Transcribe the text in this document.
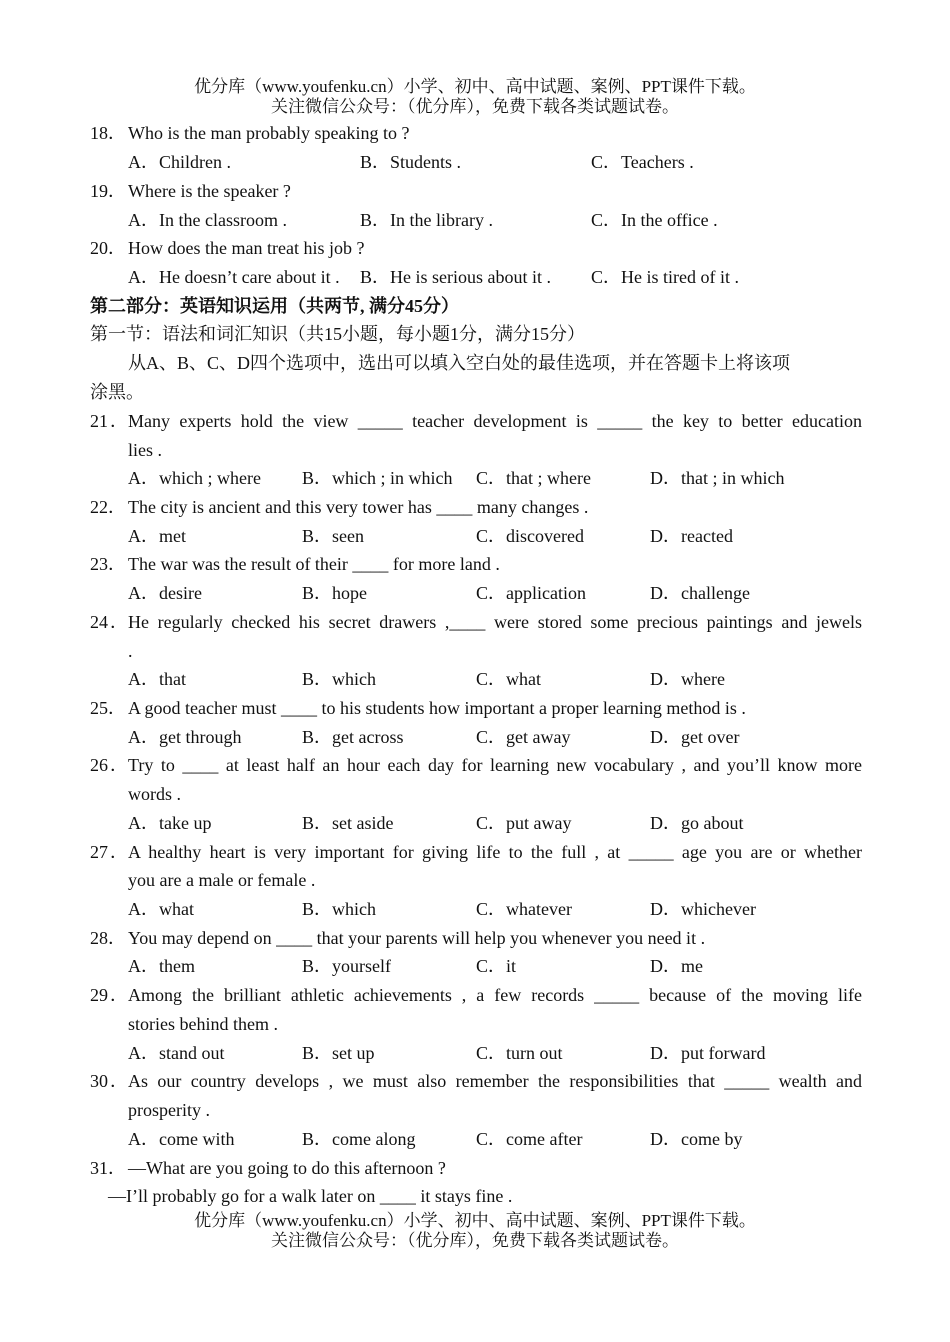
优分库（www.youfenku.cn）小学、初中、高中试题、案例、PPT课件下载。
关注微信公众号：（优分库），免费下载各类试题试卷。
18． Who is the man probably speaking to ?
A．Children .	B．Students .	C．Teachers .
19． Where is the speaker ?
A．In the classroom .	B．In the library .	C．In the office .
20． How does the man treat his job ?
A．He doesn’t care about it . B．He is serious about it . C．He is tired of it .
第二部分：英语知识运用（共两节, 满分45分）
第一节：语法和词汇知识（共15小题，每小题1分，满分15分）
从A、B、C、D四个选项中，选出可以填入空白处的最佳选项，并在答题卡上将该项
涂黑。
21．Many experts hold the view _____ teacher development is _____ the key to better education
lies .
A．which ; where B．which ; in which C．that ; where	D．that ; in which
22． The city is ancient and this very tower has ____ many changes .
A．met	B．seen	C．discovered	D．reacted
23． The war was the result of their ____ for more land .
A．desire	B．hope	C．application	D．challenge
24．He regularly checked his secret drawers ,____ were stored some precious paintings and jewels
.
A．that	B．which	C．what	D．where
25． A good teacher must ____ to his students how important a proper learning method is .
A．get through	B．get across	C．get away	D．get over
26．Try to ____ at least half an hour each day for learning new vocabulary , and you’ll know more
words .
A．take up	B．set aside	C．put away	D．go about
27．A healthy heart is very important for giving life to the full , at _____ age you are or whether
you are a male or female .
A．what	B．which	C．whatever	D．whichever
28． You may depend on ____ that your parents will help you whenever you need it .
A．them	B．yourself	C．it	D．me
29．Among the brilliant athletic achievements , a few records _____ because of the moving life
stories behind them .
A．stand out	B．set up	C．turn out	D．put forward
30．As our country develops , we must also remember the responsibilities that _____ wealth and
prosperity .
A．come with	B．come along	C．come after	D．come by
31． —What are you going to do this afternoon ?
—I’ll probably go for a walk later on ____ it stays fine .
优分库（www.youfenku.cn）小学、初中、高中试题、案例、PPT课件下载。
关注微信公众号：（优分库），免费下载各类试题试卷。
